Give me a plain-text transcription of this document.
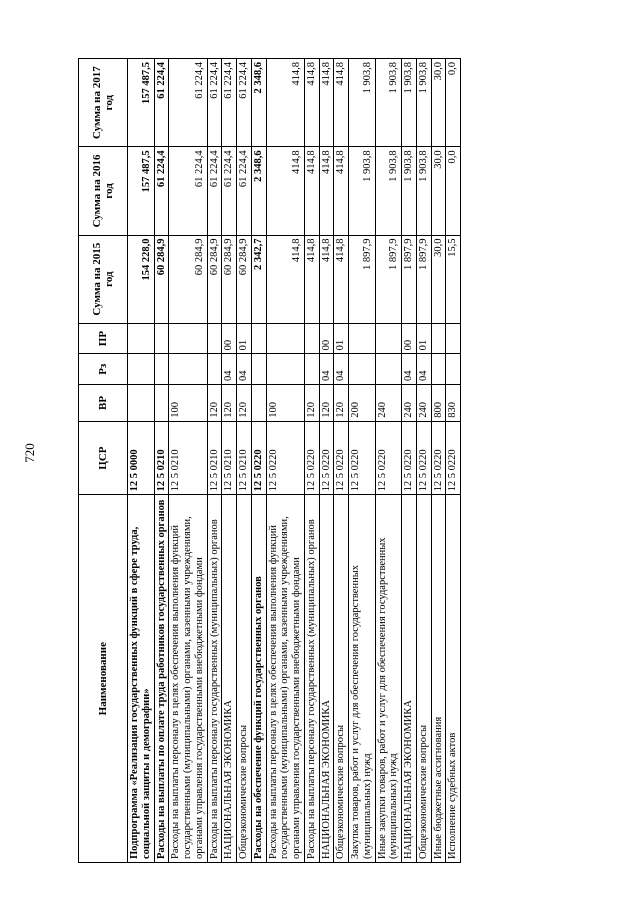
720
Наименование	ЦСР	ВР	Рз	ПР	Сумма на 2015 год	Сумма на 2016 год	Сумма на 2017 год
Подпрограмма «Реализация государственных функций в сфере труда, социальной защиты и демографии»	12 5 0000				154 228,0	157 487,5	157 487,5
Расходы на выплаты по оплате труда работников государственных органов	12 5 0210				60 284,9	61 224,4	61 224,4
Расходы на выплаты персоналу в целях обеспечения выполнения функций государственными (муниципальными) органами, казенными учреждениями, органами управления государственными внебюджетными фондами	12 5 0210	100			60 284,9	61 224,4	61 224,4
Расходы на выплаты персоналу государственных (муниципальных) органов	12 5 0210	120			60 284,9	61 224,4	61 224,4
НАЦИОНАЛЬНАЯ ЭКОНОМИКА	12 5 0210	120	04	00	60 284,9	61 224,4	61 224,4
Общеэкономические вопросы	12 5 0210	120	04	01	60 284,9	61 224,4	61 224,4
Расходы на обеспечение функций государственных органов	12 5 0220				2 342,7	2 348,6	2 348,6
Расходы на выплаты персоналу в целях обеспечения выполнения функций государственными (муниципальными) органами, казенными учреждениями, органами управления государственными внебюджетными фондами	12 5 0220	100			414,8	414,8	414,8
Расходы на выплаты персоналу государственных (муниципальных) органов	12 5 0220	120			414,8	414,8	414,8
НАЦИОНАЛЬНАЯ ЭКОНОМИКА	12 5 0220	120	04	00	414,8	414,8	414,8
Общеэкономические вопросы	12 5 0220	120	04	01	414,8	414,8	414,8
Закупка товаров, работ и услуг для обеспечения государственных (муниципальных) нужд	12 5 0220	200			1 897,9	1 903,8	1 903,8
Иные закупки товаров, работ и услуг для обеспечения государственных (муниципальных) нужд	12 5 0220	240			1 897,9	1 903,8	1 903,8
НАЦИОНАЛЬНАЯ ЭКОНОМИКА	12 5 0220	240	04	00	1 897,9	1 903,8	1 903,8
Общеэкономические вопросы	12 5 0220	240	04	01	1 897,9	1 903,8	1 903,8
Иные бюджетные ассигнования	12 5 0220	800			30,0	30,0	30,0
Исполнение судебных актов	12 5 0220	830			15,5	0,0	0,0
